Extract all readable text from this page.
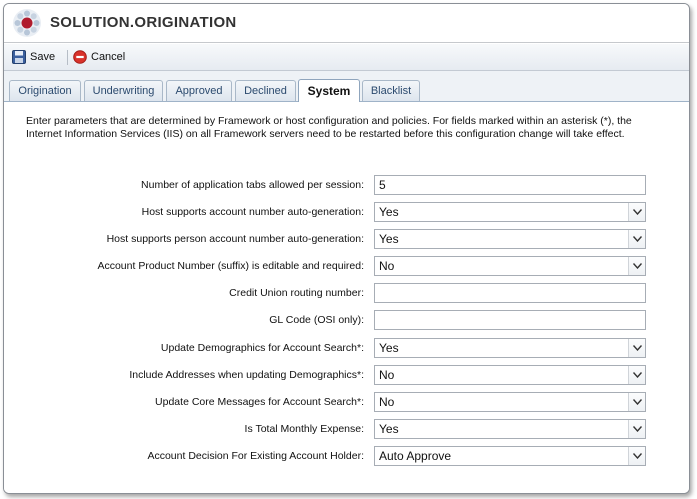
SOLUTION.ORIGINATION
Save	Cancel
Origination	Underwriting	Approved	Declined	System	Blacklist
Enter parameters that are determined by Framework or host configuration and policies. For fields marked within an asterisk (*), the Internet Information Services (IIS) on all Framework servers need to be restarted before this configuration change will take effect.
Number of application tabs allowed per session:	5
Host supports account number auto-generation: Yes
Host supports person account number auto-generation: Yes
Account Product Number (suffix) is editable and required: No
Credit Union routing number:
GL Code (OSI only):
Update Demographics for Account Search*: Yes
Include Addresses when updating Demographics*: No
Update Core Messages for Account Search*: No
Is Total Monthly Expense: Yes
Account Decision For Existing Account Holder: Auto Approve
